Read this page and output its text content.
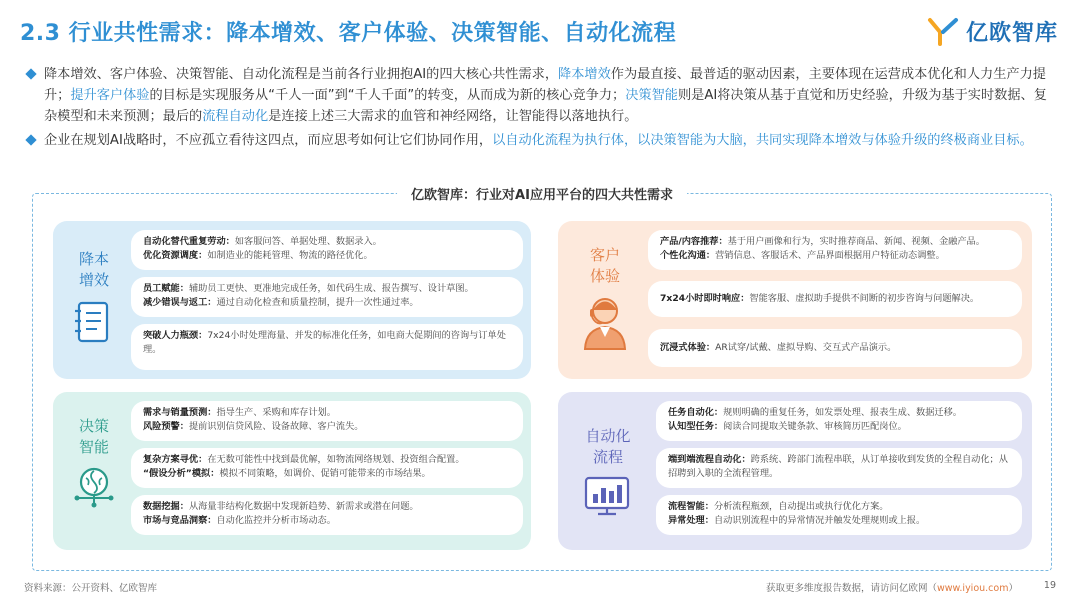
2.3 行业共性需求：降本增效、客户体验、决策智能、自动化流程	亿欧智库
降本增效、客户体验、决策智能、自动化流程是当前各行业拥抱AI的四大核心共性需求，降本增效作为最直接、最普适的驱动因素，主要体现在运营成本优化和人力生产力提升；提升客户体验的目标是实现服务从“千人一面”到“千人千面”的转变，从而成为新的核心竞争力；决策智能则是AI将决策从基于直觉和历史经验，升级为基于实时数据、复杂模型和未来预测；最后的流程自动化是连接上述三大需求的血管和神经网络，让智能得以落地执行。
企业在规划AI战略时，不应孤立看待这四点，而应思考如何让它们协同作用，以自动化流程为执行体，以决策智能为大脑，共同实现降本增效与体验升级的终极商业目标。
亿欧智库：行业对AI应用平台的四大共性需求
降本
增效
自动化替代重复劳动：如客服问答、单据处理、数据录入。
优化资源调度：如制造业的能耗管理、物流的路径优化。
员工赋能：辅助员工更快、更准地完成任务，如代码生成、报告撰写、设计草图。
减少错误与返工：通过自动化检查和质量控制，提升一次性通过率。
突破人力瓶颈：7x24小时处理海量、并发的标准化任务，如电商大促期间的咨询与订单处理。
客户
体验
产品/内容推荐：基于用户画像和行为，实时推荐商品、新闻、视频、金融产品。
个性化沟通：营销信息、客服话术、产品界面根据用户特征动态调整。
7x24小时即时响应：智能客服、虚拟助手提供不间断的初步咨询与问题解决。
沉浸式体验：AR试穿/试戴、虚拟导购、交互式产品演示。
决策
智能
需求与销量预测：指导生产、采购和库存计划。
风险预警：提前识别信贷风险、设备故障、客户流失。
复杂方案寻优：在无数可能性中找到最优解，如物流网络规划、投资组合配置。
“假设分析”模拟：模拟不同策略，如调价、促销可能带来的市场结果。
数据挖掘：从海量非结构化数据中发现新趋势、新需求或潜在问题。
市场与竞品洞察：自动化监控并分析市场动态。
自动化
流程
任务自动化：规则明确的重复任务，如发票处理、报表生成、数据迁移。
认知型任务：阅读合同提取关键条款、审核简历匹配岗位。
端到端流程自动化：跨系统、跨部门流程串联，从订单接收到发货的全程自动化；从招聘到入职的全流程管理。
流程智能：分析流程瓶颈，自动提出或执行优化方案。
异常处理：自动识别流程中的异常情况并触发处理规则或上报。
资料来源：公开资料、亿欧智库	获取更多维度报告数据，请访问亿欧网（www.iyiou.com）	19
